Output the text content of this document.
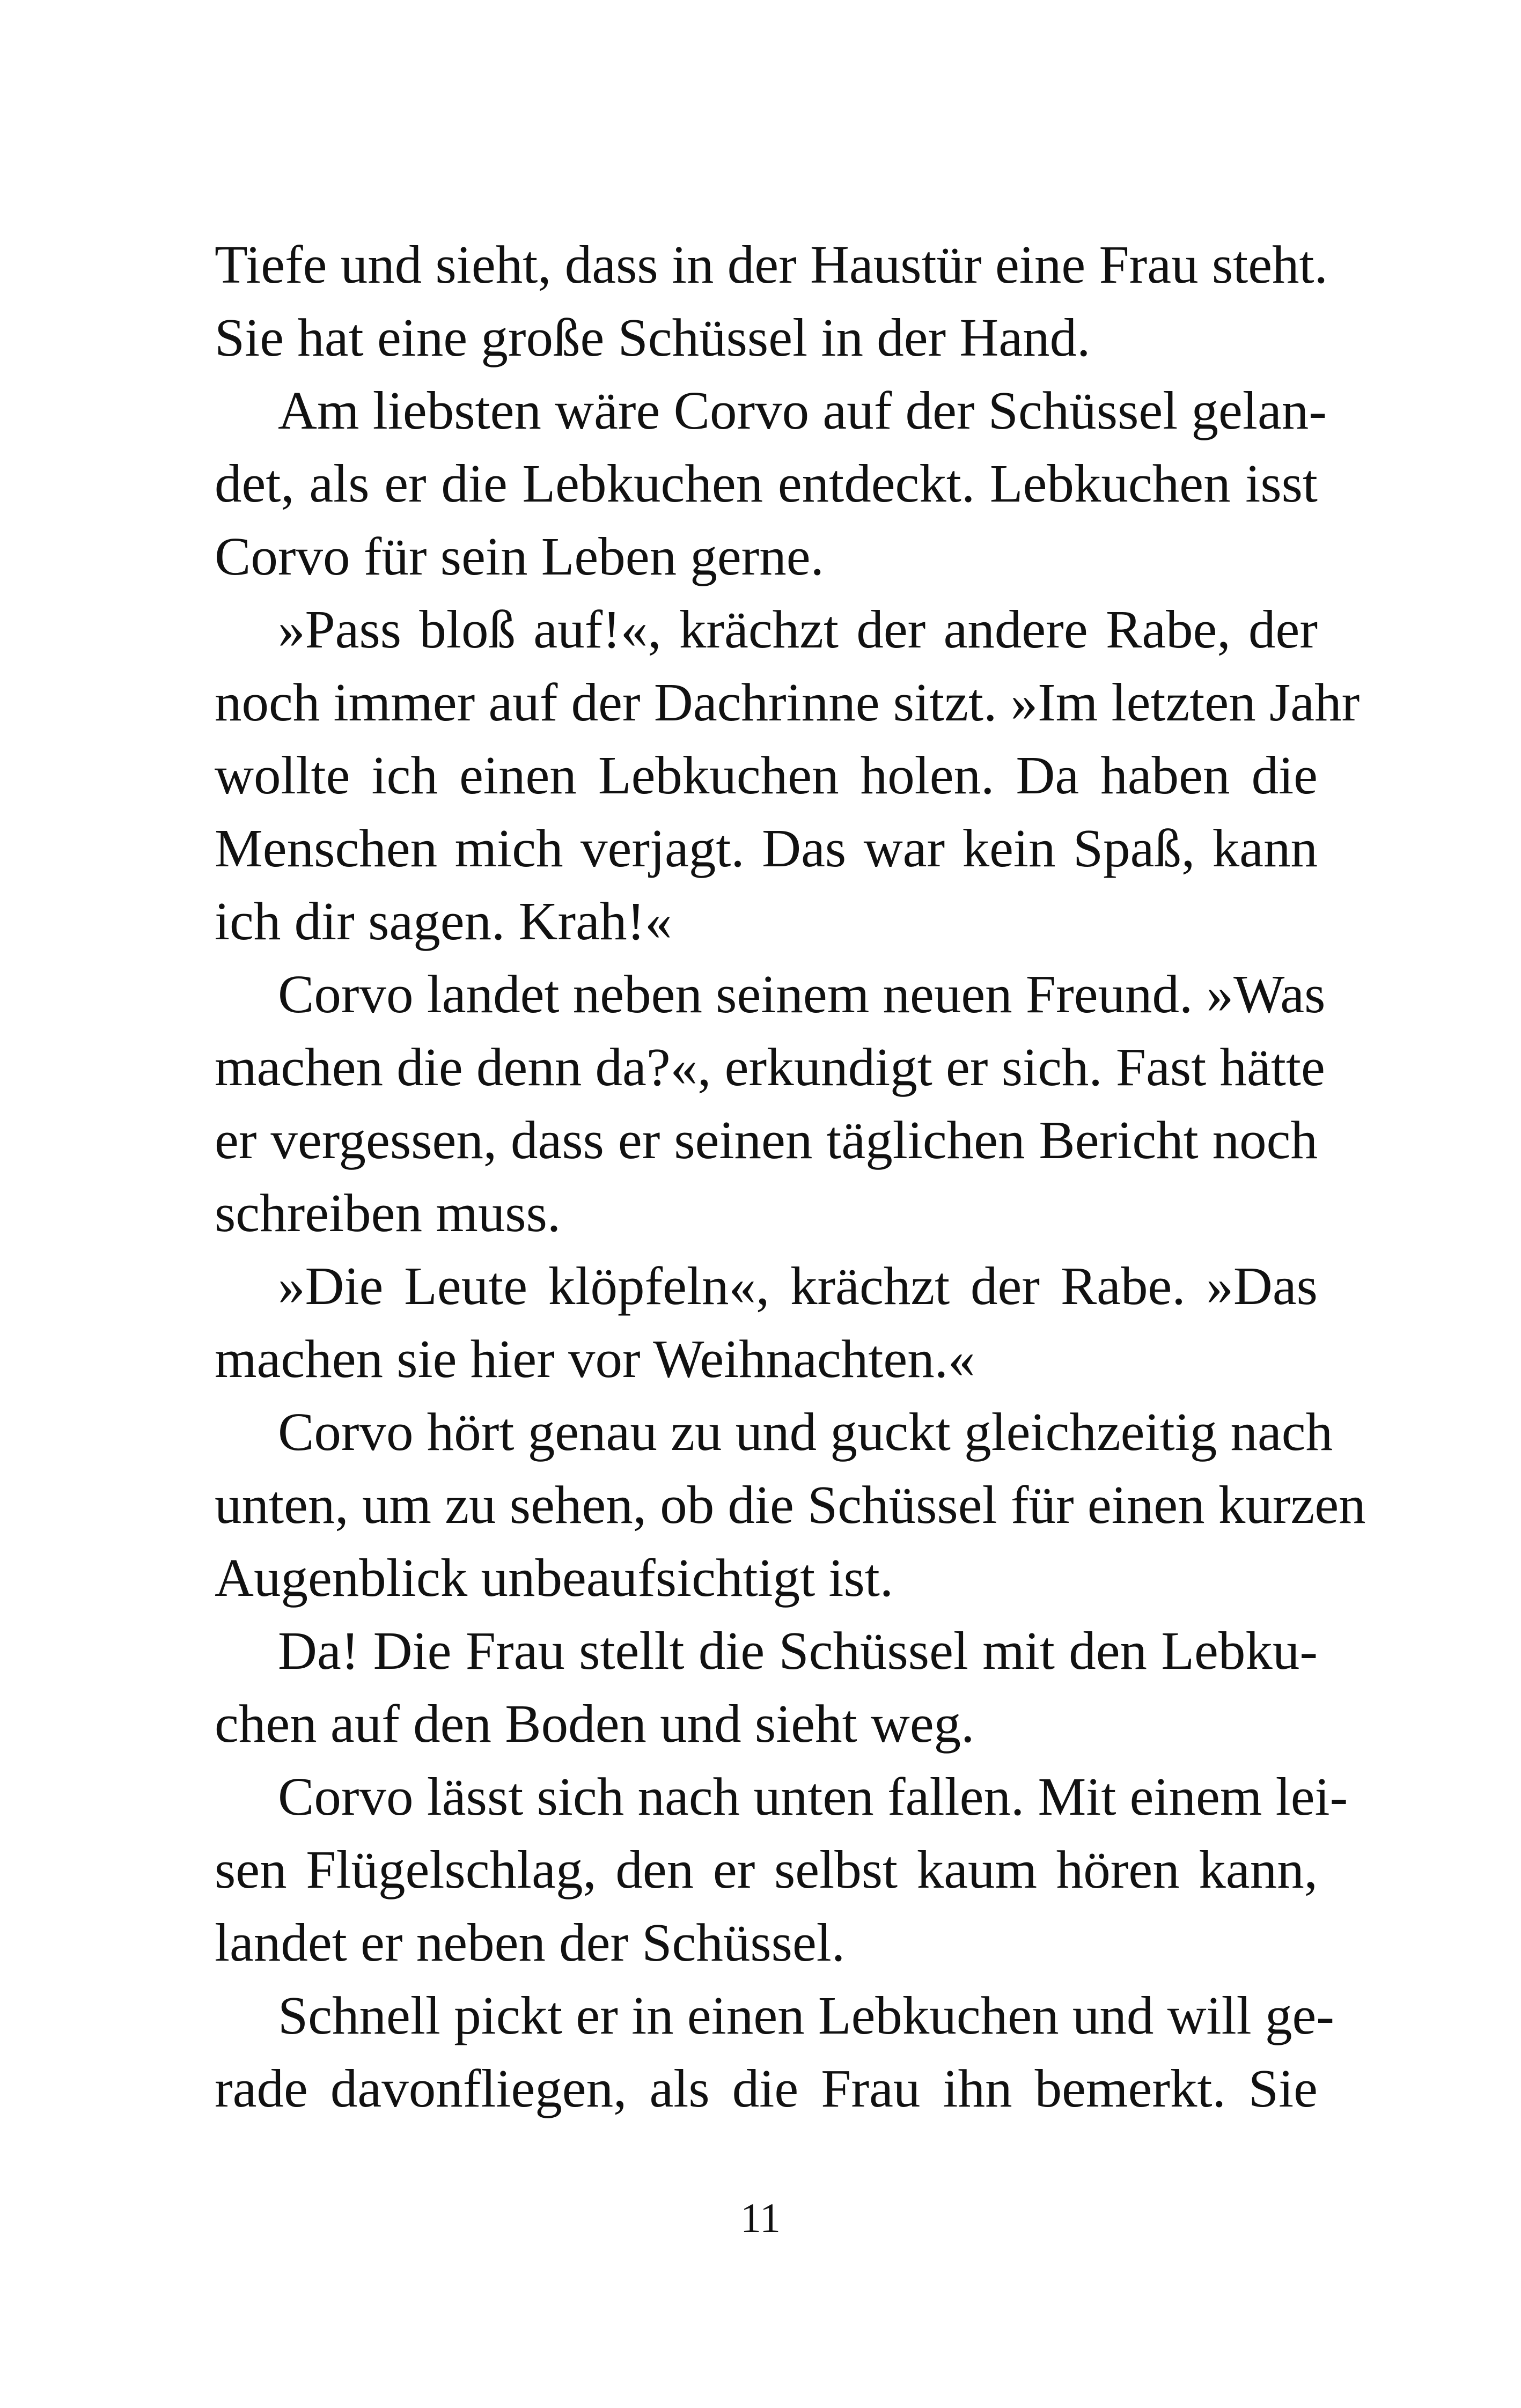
Tiefe und sieht, dass in der Haustür eine Frau steht.
Sie hat eine große Schüssel in der Hand.
Am liebsten wäre Corvo auf der Schüssel gelan-
det, als er die Lebkuchen entdeckt. Lebkuchen isst
Corvo für sein Leben gerne.
»Pass bloß auf!«, krächzt der andere Rabe, der
noch immer auf der Dachrinne sitzt. »Im letzten Jahr
wollte ich einen Lebkuchen holen. Da haben die
Menschen mich verjagt. Das war kein Spaß, kann
ich dir sagen. Krah!«
Corvo landet neben seinem neuen Freund. »Was
machen die denn da?«, erkundigt er sich. Fast hätte
er vergessen, dass er seinen täglichen Bericht noch
schreiben muss.
»Die Leute klöpfeln«, krächzt der Rabe. »Das
machen sie hier vor Weihnachten.«
Corvo hört genau zu und guckt gleichzeitig nach
unten, um zu sehen, ob die Schüssel für einen kurzen
Augenblick unbeaufsichtigt ist.
Da! Die Frau stellt die Schüssel mit den Lebku-
chen auf den Boden und sieht weg.
Corvo lässt sich nach unten fallen. Mit einem lei-
sen Flügelschlag, den er selbst kaum hören kann,
landet er neben der Schüssel.
Schnell pickt er in einen Lebkuchen und will ge-
rade davonfliegen, als die Frau ihn bemerkt. Sie
11
